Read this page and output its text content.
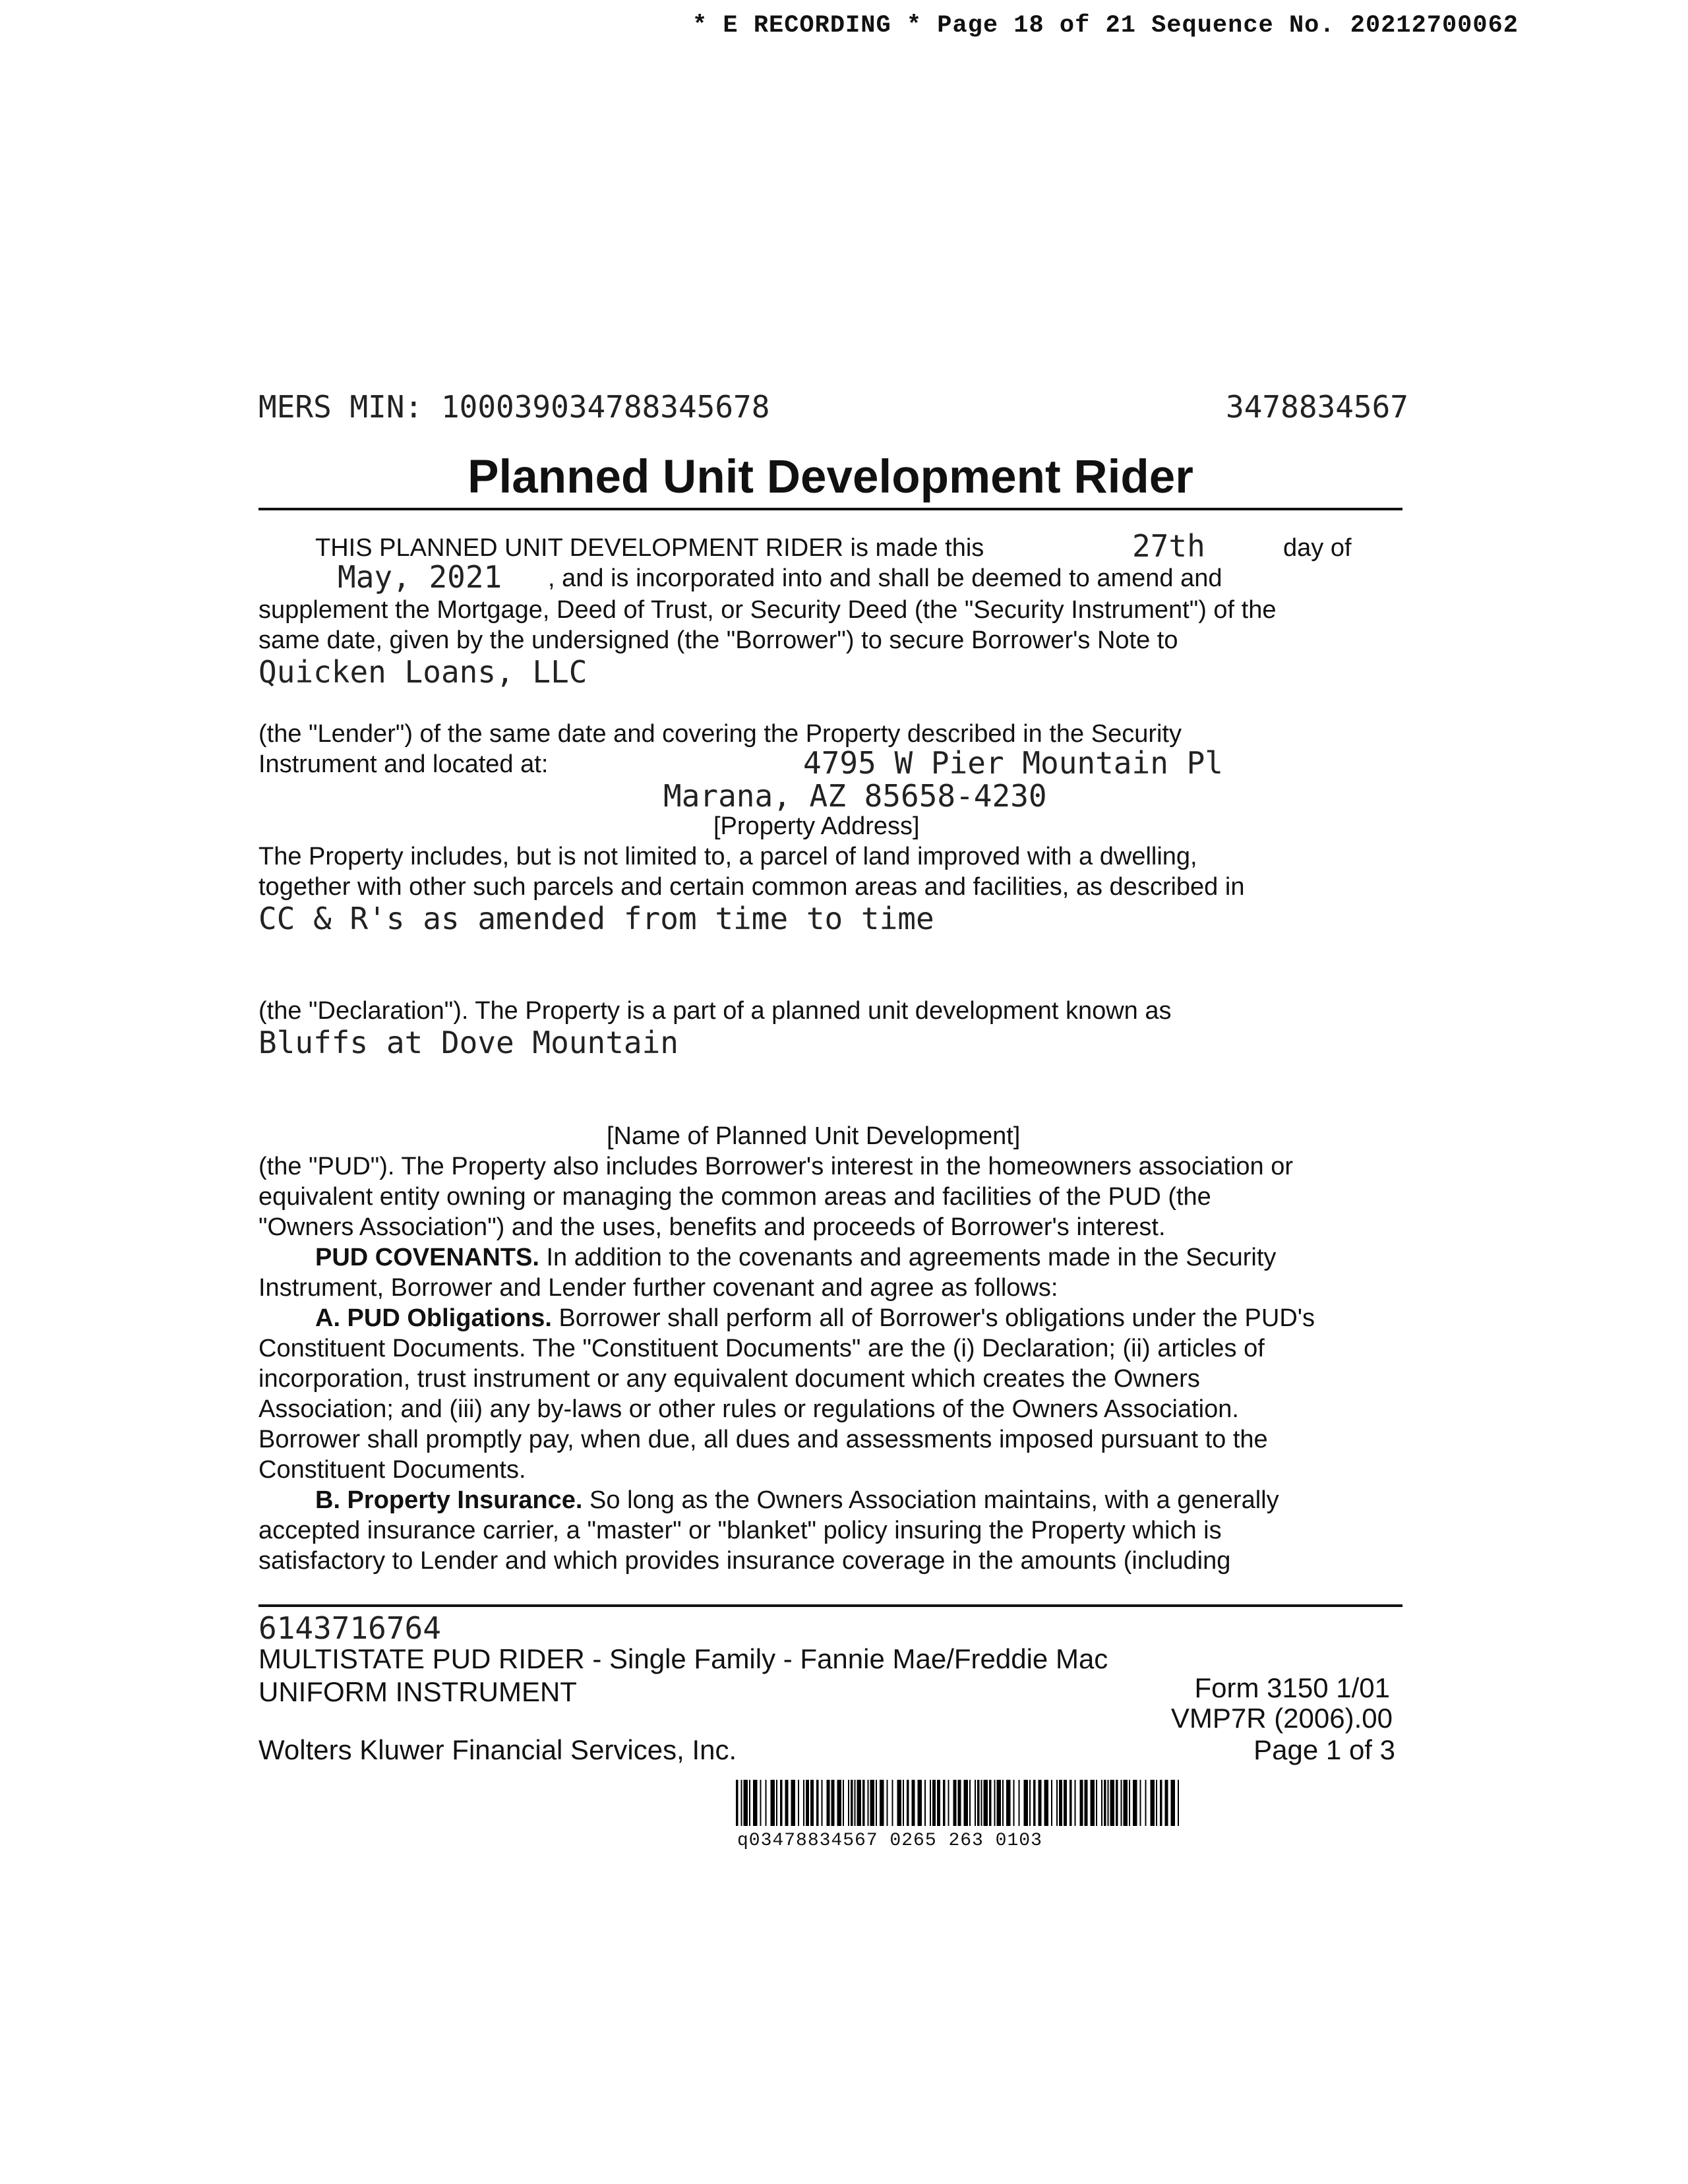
* E RECORDING * Page 18 of 21 Sequence No. 20212700062
MERS MIN: 100039034788345678	3478834567
Planned Unit Development Rider
THIS PLANNED UNIT DEVELOPMENT RIDER is made this	27th	day of
May, 2021 , and is incorporated into and shall be deemed to amend and
supplement the Mortgage, Deed of Trust, or Security Deed (the "Security Instrument") of the
same date, given by the undersigned (the "Borrower") to secure Borrower's Note to
Quicken Loans, LLC
(the "Lender") of the same date and covering the Property described in the Security
Instrument and located at:	4795 W Pier Mountain Pl
Marana, AZ 85658-4230
[Property Address]
The Property includes, but is not limited to, a parcel of land improved with a dwelling,
together with other such parcels and certain common areas and facilities, as described in
CC & R's as amended from time to time
(the "Declaration"). The Property is a part of a planned unit development known as
Bluffs at Dove Mountain
[Name of Planned Unit Development]
(the "PUD"). The Property also includes Borrower's interest in the homeowners association or
equivalent entity owning or managing the common areas and facilities of the PUD (the
"Owners Association") and the uses, benefits and proceeds of Borrower's interest.
PUD COVENANTS. In addition to the covenants and agreements made in the Security
Instrument, Borrower and Lender further covenant and agree as follows:
A. PUD Obligations. Borrower shall perform all of Borrower's obligations under the PUD's
Constituent Documents. The "Constituent Documents" are the (i) Declaration; (ii) articles of
incorporation, trust instrument or any equivalent document which creates the Owners
Association; and (iii) any by-laws or other rules or regulations of the Owners Association.
Borrower shall promptly pay, when due, all dues and assessments imposed pursuant to the
Constituent Documents.
B. Property Insurance. So long as the Owners Association maintains, with a generally
accepted insurance carrier, a "master" or "blanket" policy insuring the Property which is
satisfactory to Lender and which provides insurance coverage in the amounts (including
6143716764
MULTISTATE PUD RIDER - Single Family - Fannie Mae/Freddie Mac
UNIFORM INSTRUMENT	Form 3150 1/01
VMP7R (2006).00
Wolters Kluwer Financial Services, Inc.	Page 1 of 3
q03478834567 0265 263 0103
